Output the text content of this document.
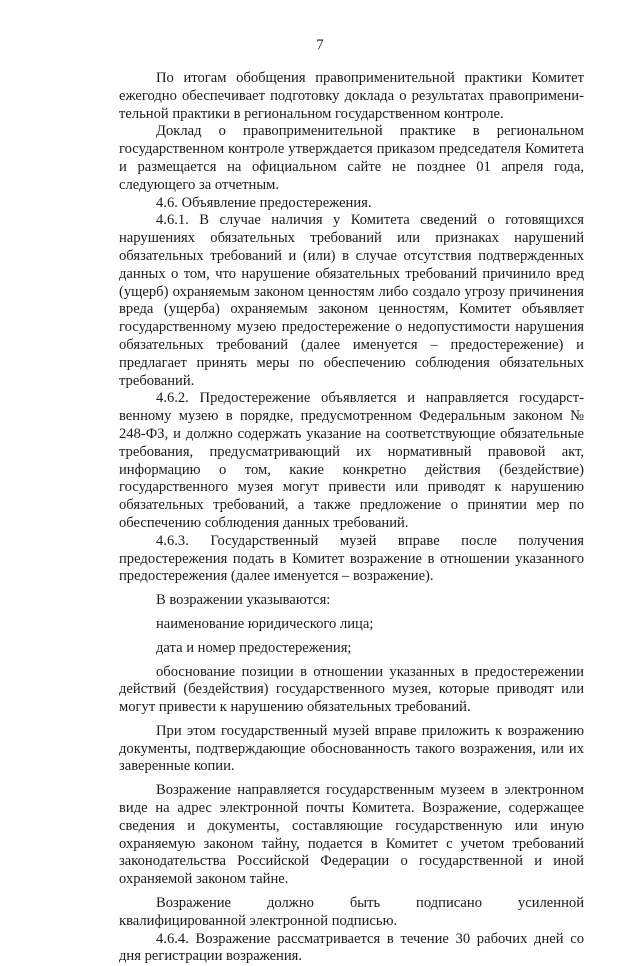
7

По итогам обобщения правоприменительной практики Комитет ежегодно обеспечивает подготовку доклада о результатах правоприменительной практики в региональном государственном контроле.

Доклад о правоприменительной практике в региональном государственном контроле утверждается приказом председателя Комитета и размещается на официальном сайте не позднее 01 апреля года, следующего за отчетным.

4.6. Объявление предостережения.

4.6.1. В случае наличия у Комитета сведений о готовящихся нарушениях обязательных требований или признаках нарушений обязательных требований и (или) в случае отсутствия подтвержденных данных о том, что нарушение обязательных требований причинило вред (ущерб) охраняемым законом ценностям либо создало угрозу причинения вреда (ущерба) охраняемым законом ценностям, Комитет объявляет государственному музею предостережение о недопустимости нарушения обязательных требований (далее именуется – предостережение) и предлагает принять меры по обеспечению соблюдения обязательных требований.

4.6.2. Предостережение объявляется и направляется государственному музею в порядке, предусмотренном Федеральным законом № 248-ФЗ, и должно содержать указание на соответствующие обязательные требования, предусматривающий их нормативный правовой акт, информацию о том, какие конкретно действия (бездействие) государственного музея могут привести или приводят к нарушению обязательных требований, а также предложение о принятии мер по обеспечению соблюдения данных требований.

4.6.3. Государственный музей вправе после получения предостережения подать в Комитет возражение в отношении указанного предостережения (далее именуется – возражение).

В возражении указываются:

наименование юридического лица;

дата и номер предостережения;

обоснование позиции в отношении указанных в предостережении действий (бездействия) государственного музея, которые приводят или могут привести к нарушению обязательных требований.

При этом государственный музей вправе приложить к возражению документы, подтверждающие обоснованность такого возражения, или их заверенные копии.

Возражение направляется государственным музеем в электронном виде на адрес электронной почты Комитета. Возражение, содержащее сведения и документы, составляющие государственную или иную охраняемую законом тайну, подается в Комитет с учетом требований законодательства Российской Федерации о государственной и иной охраняемой законом тайне.

Возражение должно быть подписано усиленной квалифицированной электронной подписью.

4.6.4. Возражение рассматривается в течение 30 рабочих дней со дня регистрации возражения.
